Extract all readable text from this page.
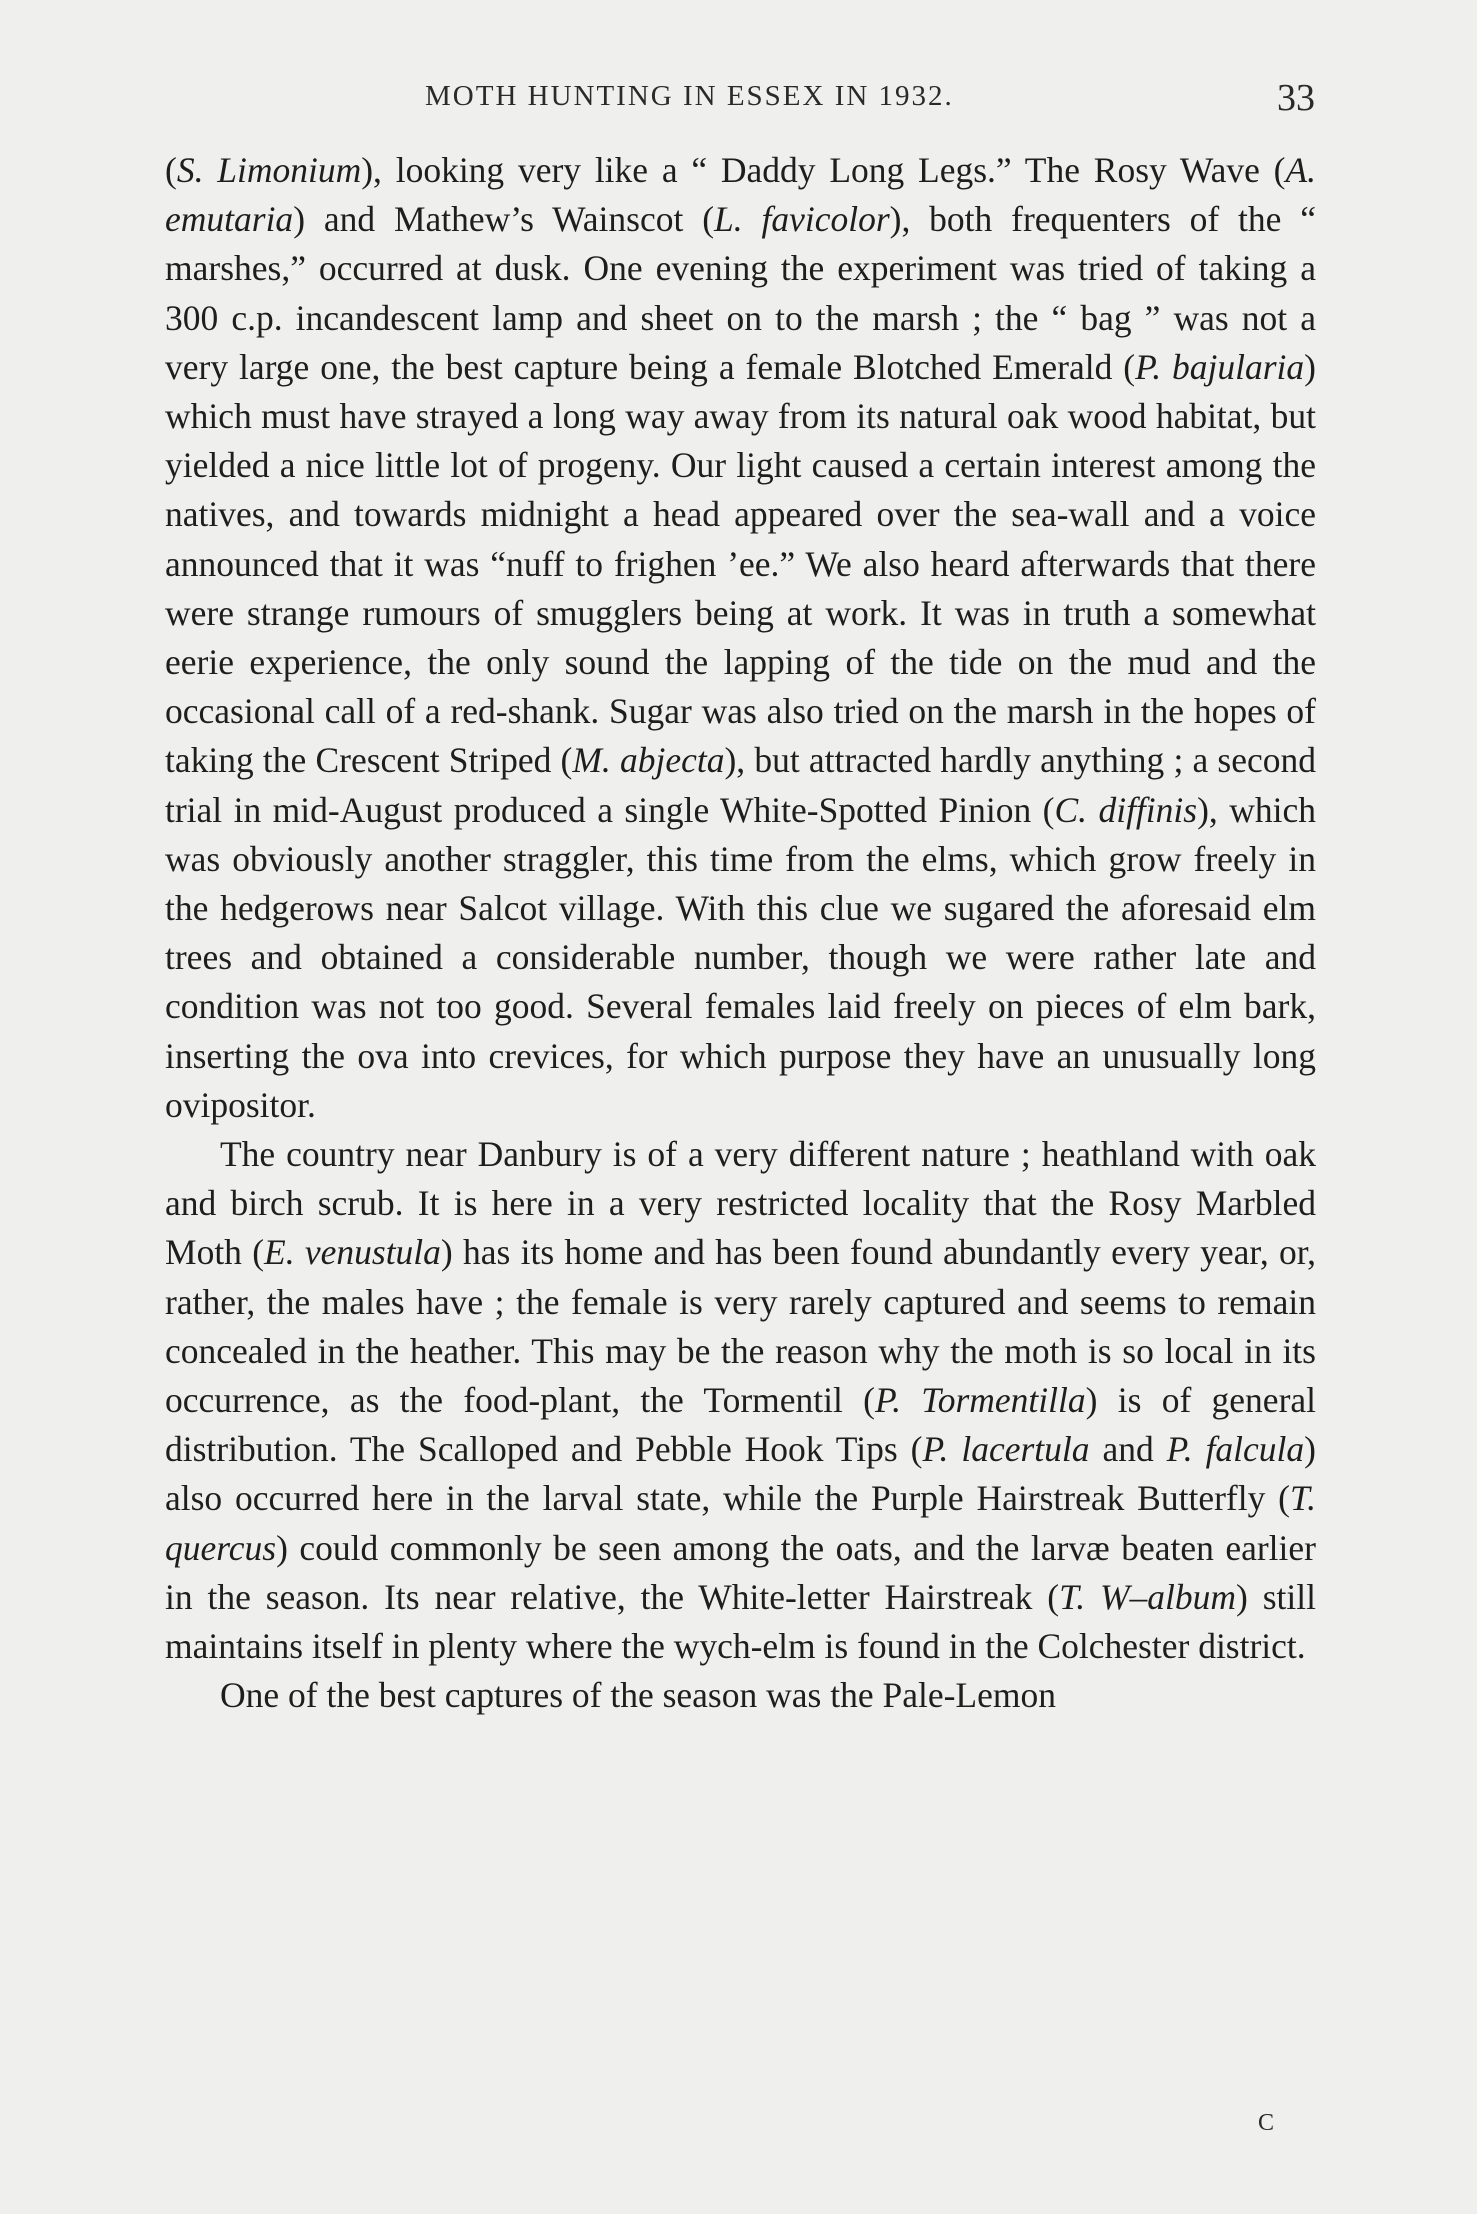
MOTH HUNTING IN ESSEX IN 1932.	33

(S. Limonium), looking very like a “ Daddy Long Legs.” The Rosy Wave (A. emutaria) and Mathew’s Wainscot (L. favicolor), both frequenters of the “ marshes,” occurred at dusk. One evening the experiment was tried of taking a 300 c.p. incandescent lamp and sheet on to the marsh ; the “ bag ” was not a very large one, the best capture being a female Blotched Emerald (P. bajularia) which must have strayed a long way away from its natural oak wood habitat, but yielded a nice little lot of progeny. Our light caused a certain interest among the natives, and towards midnight a head appeared over the sea-wall and a voice announced that it was “nuff to frighen ’ee.” We also heard afterwards that there were strange rumours of smugglers being at work. It was in truth a somewhat eerie experience, the only sound the lapping of the tide on the mud and the occasional call of a red-shank. Sugar was also tried on the marsh in the hopes of taking the Crescent Striped (M. abjecta), but attracted hardly anything ; a second trial in mid-August produced a single White-Spotted Pinion (C. diffinis), which was obviously another straggler, this time from the elms, which grow freely in the hedgerows near Salcot village. With this clue we sugared the aforesaid elm trees and obtained a considerable number, though we were rather late and condition was not too good. Several females laid freely on pieces of elm bark, inserting the ova into crevices, for which purpose they have an unusually long ovipositor.

The country near Danbury is of a very different nature ; heathland with oak and birch scrub. It is here in a very restricted locality that the Rosy Marbled Moth (E. venustula) has its home and has been found abundantly every year, or, rather, the males have ; the female is very rarely captured and seems to remain concealed in the heather. This may be the reason why the moth is so local in its occurrence, as the food-plant, the Tormentil (P. Tormentilla) is of general distribution. The Scalloped and Pebble Hook Tips (P. lacertula and P. falcula) also occurred here in the larval state, while the Purple Hairstreak Butterfly (T. quercus) could commonly be seen among the oats, and the larvæ beaten earlier in the season. Its near relative, the White-letter Hairstreak (T. W–album) still maintains itself in plenty where the wych-elm is found in the Colchester district.

One of the best captures of the season was the Pale-Lemon

C
